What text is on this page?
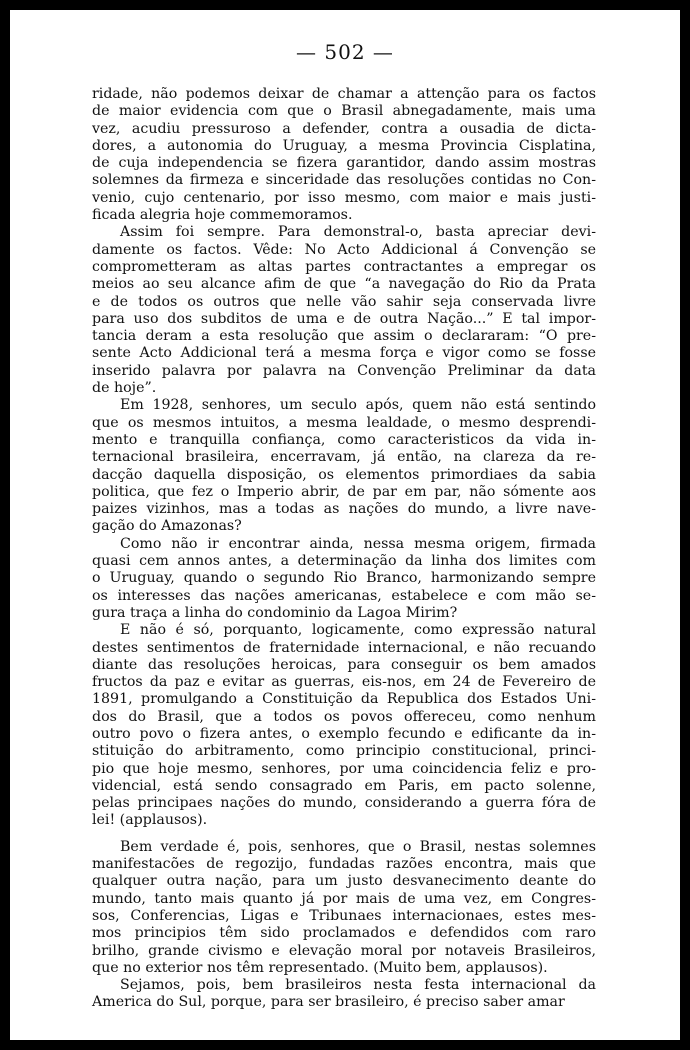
— 502 —
ridade, não podemos deixar de chamar a attenção para os factos
de maior evidencia com que o Brasil abnegadamente, mais uma
vez, acudiu pressuroso a defender, contra a ousadia de dicta-
dores, a autonomia do Uruguay, a mesma Provincia Cisplatina,
de cuja independencia se fizera garantidor, dando assim mostras
solemnes da firmeza e sinceridade das resoluções contidas no Con-
venio, cujo centenario, por isso mesmo, com maior e mais justi-
ficada alegria hoje commemoramos.
Assim foi sempre. Para demonstral-o, basta apreciar devi-
damente os factos. Vêde: No Acto Addicional á Convenção se
comprometteram as altas partes contractantes a empregar os
meios ao seu alcance afim de que “a navegação do Rio da Prata
e de todos os outros que nelle vão sahir seja conservada livre
para uso dos subditos de uma e de outra Nação...” E tal impor-
tancia deram a esta resolução que assim o declararam: “O pre-
sente Acto Addicional terá a mesma força e vigor como se fosse
inserido palavra por palavra na Convenção Preliminar da data
de hoje”.
Em 1928, senhores, um seculo após, quem não está sentindo
que os mesmos intuitos, a mesma lealdade, o mesmo desprendi-
mento e tranquilla confiança, como caracteristicos da vida in-
ternacional brasileira, encerravam, já então, na clareza da re-
dacção daquella disposição, os elementos primordiaes da sabia
politica, que fez o Imperio abrir, de par em par, não sómente aos
paizes vizinhos, mas a todas as nações do mundo, a livre nave-
gação do Amazonas?
Como não ir encontrar ainda, nessa mesma origem, firmada
quasi cem annos antes, a determinação da linha dos limites com
o Uruguay, quando o segundo Rio Branco, harmonizando sempre
os interesses das nações americanas, estabelece e com mão se-
gura traça a linha do condominio da Lagoa Mirim?
E não é só, porquanto, logicamente, como expressão natural
destes sentimentos de fraternidade internacional, e não recuando
diante das resoluções heroicas, para conseguir os bem amados
fructos da paz e evitar as guerras, eis-nos, em 24 de Fevereiro de
1891, promulgando a Constituição da Republica dos Estados Uni-
dos do Brasil, que a todos os povos offereceu, como nenhum
outro povo o fizera antes, o exemplo fecundo e edificante da in-
stituição do arbitramento, como principio constitucional, princi-
pio que hoje mesmo, senhores, por uma coincidencia feliz e pro-
videncial, está sendo consagrado em Paris, em pacto solenne,
pelas principaes nações do mundo, considerando a guerra fóra de
lei! (applausos).
Bem verdade é, pois, senhores, que o Brasil, nestas solemnes
manifestacões de regozijo, fundadas razões encontra, mais que
qualquer outra nação, para um justo desvanecimento deante do
mundo, tanto mais quanto já por mais de uma vez, em Congres-
sos, Conferencias, Ligas e Tribunaes internacionaes, estes mes-
mos principios têm sido proclamados e defendidos com raro
brilho, grande civismo e elevação moral por notaveis Brasileiros,
que no exterior nos têm representado. (Muito bem, applausos).
Sejamos, pois, bem brasileiros nesta festa internacional da
America do Sul, porque, para ser brasileiro, é preciso saber amar
